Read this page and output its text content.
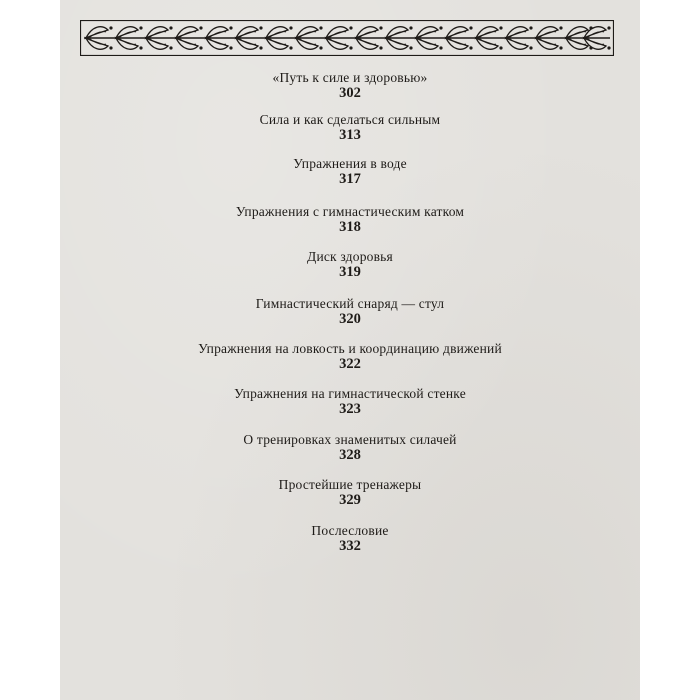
«Путь к силе и здоровью»
302
Сила и как сделаться сильным
313
Упражнения в воде
317
Упражнения с гимнастическим катком
318
Диск здоровья
319
Гимнастический снаряд — стул
320
Упражнения на ловкость и координацию движений
322
Упражнения на гимнастической стенке
323
О тренировках знаменитых силачей
328
Простейшие тренажеры
329
Послесловие
332
